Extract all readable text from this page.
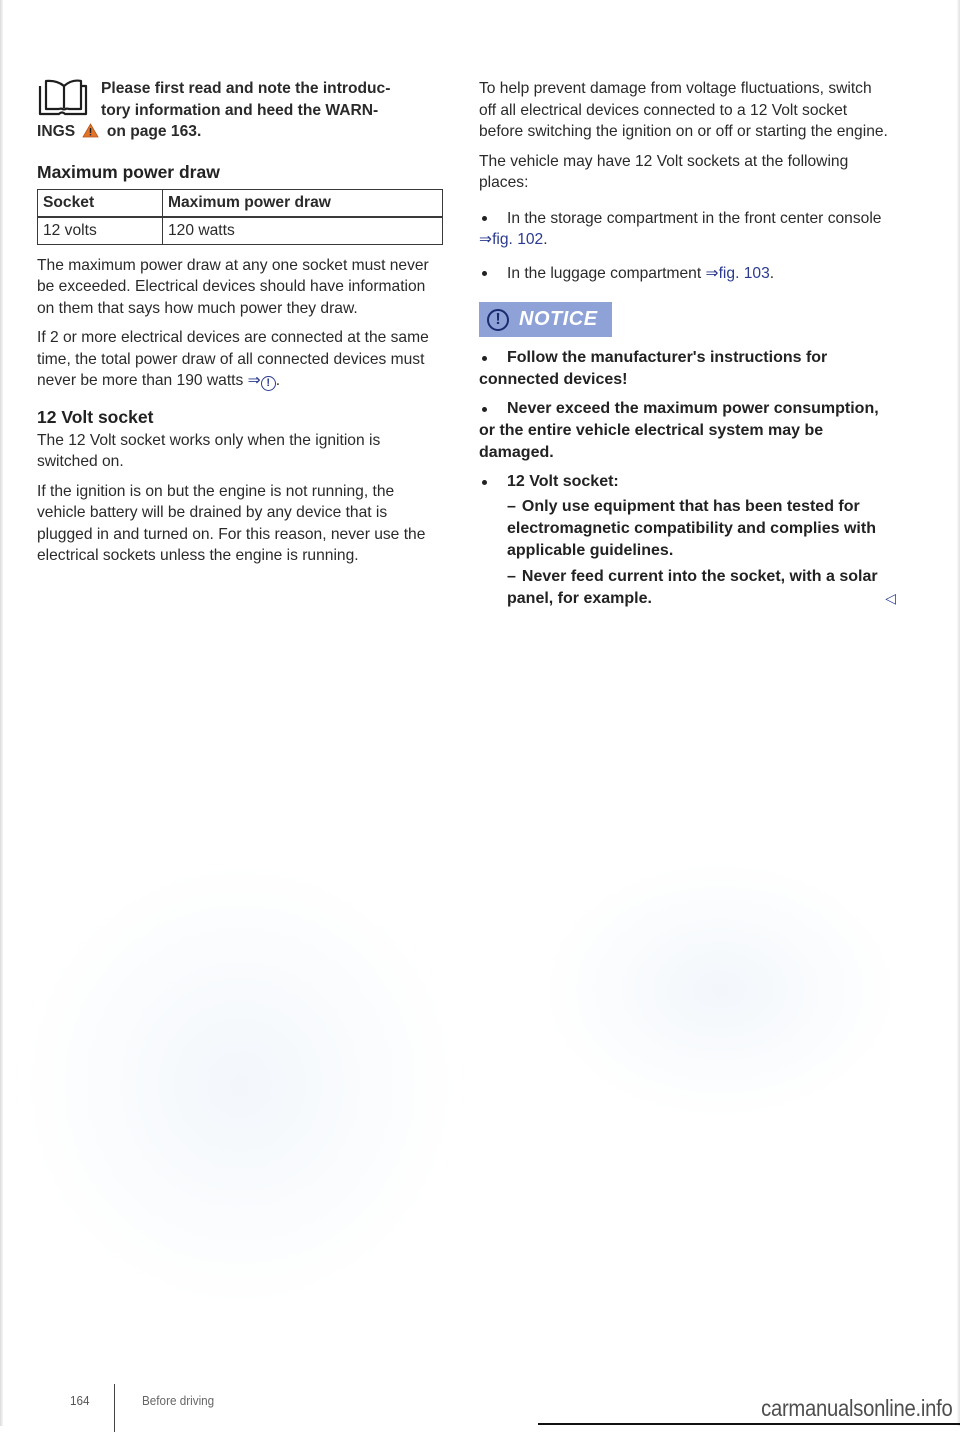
Please first read and note the introduc-
tory information and heed the WARN-
INGS on page 163.
Maximum power draw
Socket	Maximum power draw
12 volts	120 watts

The maximum power draw at any one socket must never be exceeded. Electrical devices should have information on them that says how much power they draw.

If 2 or more electrical devices are connected at the same time, the total power draw of all connected devices must never be more than 190 watts ⇒ ! .

12 Volt socket

The 12 Volt socket works only when the ignition is switched on.

If the ignition is on but the engine is not running, the vehicle battery will be drained by any device that is plugged in and turned on. For this reason, never use the electrical sockets unless the engine is running.

To help prevent damage from voltage fluctuations, switch off all electrical devices connected to a 12 Volt socket before switching the ignition on or off or starting the engine.

The vehicle may have 12 Volt sockets at the following places:

In the storage compartment in the front center console ⇒fig. 102.
In the luggage compartment ⇒fig. 103.
! NOTICE
Follow the manufacturer's instructions for connected devices!
Never exceed the maximum power consumption, or the entire vehicle electrical system may be damaged.
12 Volt socket:
– Only use equipment that has been tested for electromagnetic compatibility and complies with applicable guidelines.
– Never feed current into the socket, with a solar panel, for example.	◁
164	Before driving	carmanualsonline.info
